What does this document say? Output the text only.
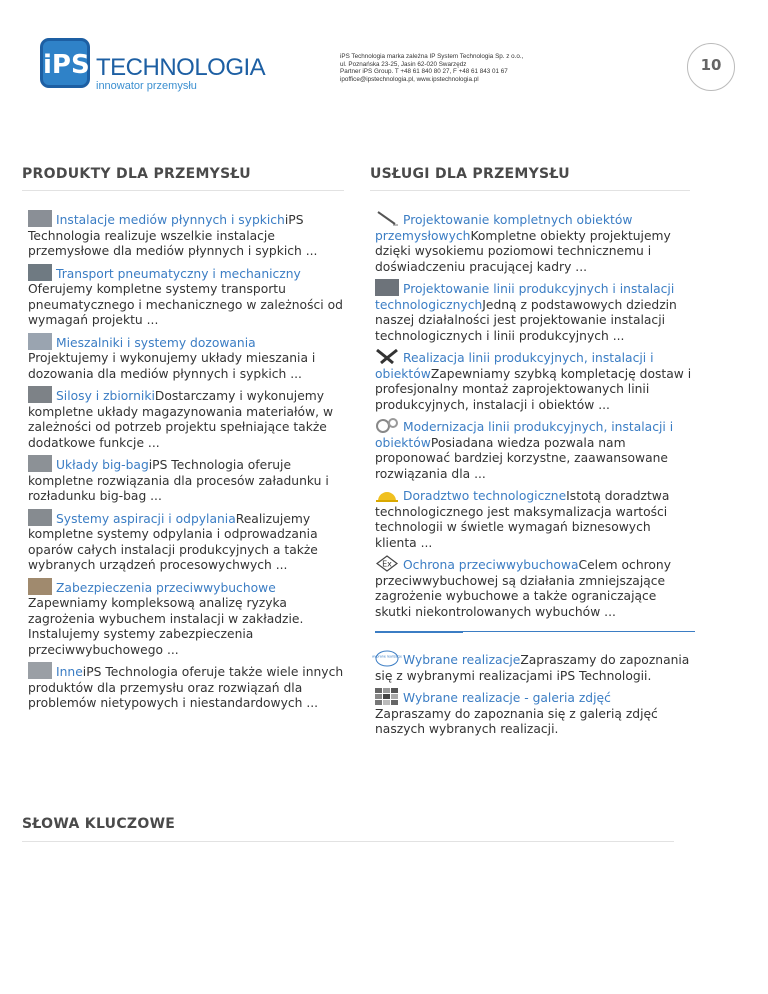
iPS TECHNOLOGIA
innowator przemysłu
iPS Technologia marka zależna IP System Technologia Sp. z o.o.,
ul. Poznańska 23-25, Jasin 62-020 Swarzędz
Partner iPS Group. T +48 61 840 80 27, F +48 61 843 01 67
ipoffice@ipstechnologia.pl, www.ipstechnologia.pl
10
PRODUKTY DLA PRZEMYSŁU
Instalacje mediów płynnych i sypkichiPS Technologia realizuje wszelkie instalacje przemysłowe dla mediów płynnych i sypkich ...
Transport pneumatyczny i mechaniczny
Oferujemy kompletne systemy transportu pneumatycznego i mechanicznego w zależności od wymagań projektu ...
Mieszalniki i systemy dozowania
Projektujemy i wykonujemy układy mieszania i dozowania dla mediów płynnych i sypkich ...
Silosy i zbiornikiDostarczamy i wykonujemy kompletne układy magazynowania materiałów, w zależności od potrzeb projektu spełniające także dodatkowe funkcje ...
Układy big-bagiPS Technologia oferuje kompletne rozwiązania dla procesów załadunku i rozładunku big-bag ...
Systemy aspiracji i odpylaniaRealizujemy kompletne systemy odpylania i odprowadzania oparów całych instalacji produkcyjnych a także wybranych urządzeń procesowychwych ...
Zabezpieczenia przeciwwybuchowe
Zapewniamy kompleksową analizę ryzyka zagrożenia wybuchem instalacji w zakładzie. Instalujemy systemy zabezpieczenia przeciwwybuchowego ...
InneiPS Technologia oferuje także wiele innych produktów dla przemysłu oraz rozwiązań dla problemów nietypowych i niestandardowych ...
USŁUGI DLA PRZEMYSŁU
Projektowanie kompletnych obiektów przemysłowychKompletne obiekty projektujemy dzięki wysokiemu poziomowi technicznemu i doświadczeniu pracującej kadry ...
Projektowanie linii produkcyjnych i instalacji technologicznychJedną z podstawowych dziedzin naszej działalności jest projektowanie instalacji technologicznych i linii produkcyjnych ...
Realizacja linii produkcyjnych, instalacji i obiektówZapewniamy szybką kompletację dostaw i profesjonalny montaż zaprojektowanych linii produkcyjnych, instalacji i obiektów ...
Modernizacja linii produkcyjnych, instalacji i obiektówPosiadana wiedza pozwala nam proponować bardziej korzystne, zaawansowane rozwiązania dla ...
Doradztwo technologiczneIstotą doradztwa technologicznego jest maksymalizacja wartości technologii w świetle wymagań biznesowych klienta ...
Ex Ochrona przeciwwybuchowaCelem ochrony przeciwwybuchowej są działania zmniejszające zagrożenie wybuchowe a także ograniczające skutki niekontrolowanych wybuchów ...
wybrane realizacje Wybrane realizacjeZapraszamy do zapoznania się z wybranymi realizacjami iPS Technologii.
Wybrane realizacje - galeria zdjęć
Zapraszamy do zapoznania się z galerią zdjęć naszych wybranych realizacji.
SŁOWA KLUCZOWE
